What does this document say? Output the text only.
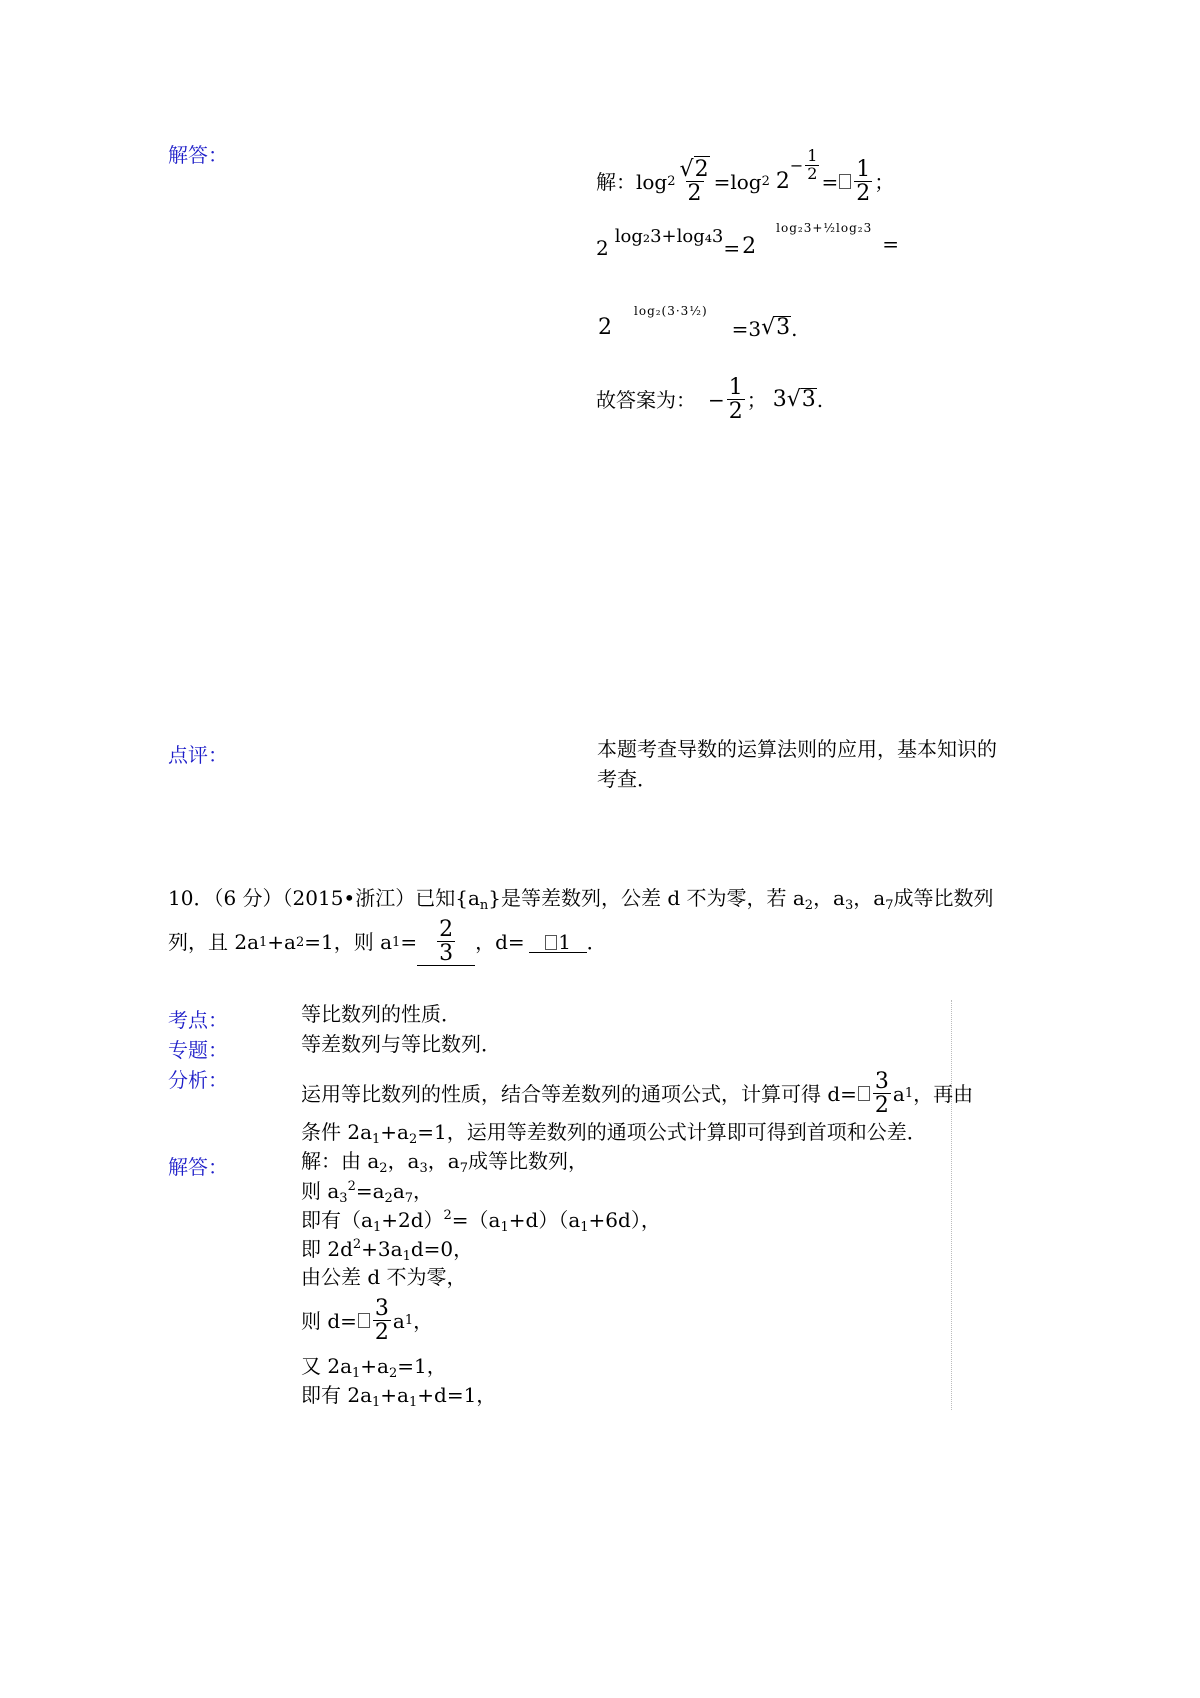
解答：
点评：
考点：
专题：
分析：
解答：
解：$\log 2 \frac{√2}{2} =\log$ 2 2
− $\frac{1}{2} = \frac{1}{2}$ ；
2 log₂3+log₄3 = 2
log₂3+½log₂3
=
2
log₂(3·3½)
=3 √ 3 .
故答案为： − $\frac{1}{2}$ ； 3 √ 3 .
本题考查导数的运算法则的应用，基本知识的
考查．
10．（6 分）（2015•浙江）已知$\{a_n\}$是等差数列，公差 d 不为零，若 $a_2$，$a_3$，$a_7$成等比数列
列，且 2a 1 +a 2 =1，则 a $1 = \frac{2}{3}$ ，d=	1 ．
等比数列的性质．
等差数列与等比数列．
运用等比数列的性质，结合等差数列的通项公式，计算可得 $d= \frac{3}{2}$ a 1 ，再由
条件 $2a_1+a_2=1$，运用等差数列的通项公式计算即可得到首项和公差．
解：由 $a_2$，$a_3$，$a_7$成等比数列，
则 $a_3^2=a_2a_7$，
即有$(a_1+2d)^2=(a_1+d)(a_1+6d)$，
即 $2d^2+3a_1d=0$，
由公差 d 不为零，
则 $d= \frac{3}{2}$ a 1 ，
又 $2a_1+a_2=1$，
即有 $2a_1+a_1+d=1$，
